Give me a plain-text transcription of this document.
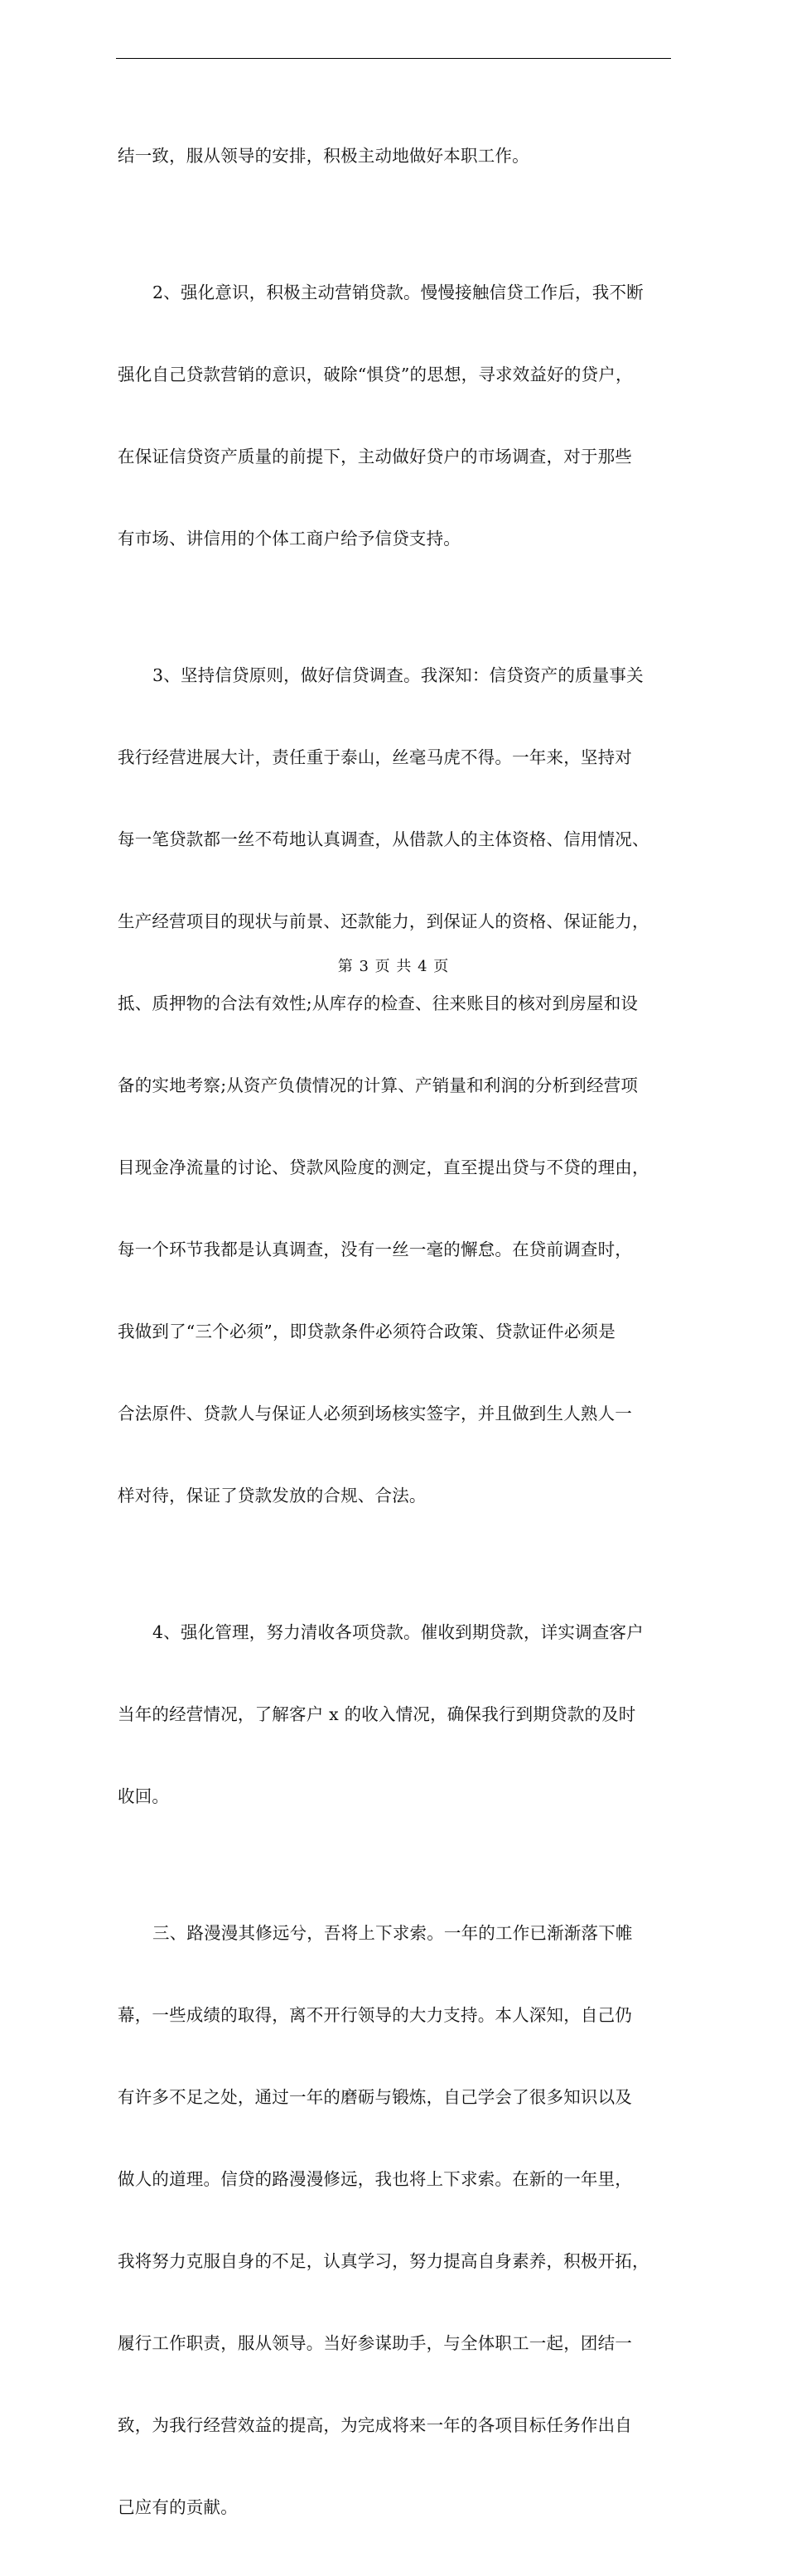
结一致，服从领导的安排，积极主动地做好本职工作。

2、强化意识，积极主动营销贷款。慢慢接触信贷工作后，我不断

强化自己贷款营销的意识，破除“惧贷”的思想，寻求效益好的贷户，

在保证信贷资产质量的前提下，主动做好贷户的市场调查，对于那些

有市场、讲信用的个体工商户给予信贷支持。

3、坚持信贷原则，做好信贷调查。我深知：信贷资产的质量事关

我行经营进展大计，责任重于泰山，丝毫马虎不得。一年来，坚持对

每一笔贷款都一丝不苟地认真调查，从借款人的主体资格、信用情况、

生产经营项目的现状与前景、还款能力，到保证人的资格、保证能力，

抵、质押物的合法有效性;从库存的检查、往来账目的核对到房屋和设

备的实地考察;从资产负债情况的计算、产销量和利润的分析到经营项

目现金净流量的讨论、贷款风险度的测定，直至提出贷与不贷的理由，

每一个环节我都是认真调查，没有一丝一毫的懈怠。在贷前调查时，

我做到了“三个必须”，即贷款条件必须符合政策、贷款证件必须是

合法原件、贷款人与保证人必须到场核实签字，并且做到生人熟人一

样对待，保证了贷款发放的合规、合法。

4、强化管理，努力清收各项贷款。催收到期贷款，详实调查客户

当年的经营情况，了解客户 x 的收入情况，确保我行到期贷款的及时

收回。

三、路漫漫其修远兮，吾将上下求索。一年的工作已渐渐落下帷

幕，一些成绩的取得，离不开行领导的大力支持。本人深知，自己仍

有许多不足之处，通过一年的磨砺与锻炼，自己学会了很多知识以及

做人的道理。信贷的路漫漫修远，我也将上下求索。在新的一年里，

我将努力克服自身的不足，认真学习，努力提高自身素养，积极开拓，

履行工作职责，服从领导。当好参谋助手，与全体职工一起，团结一

致，为我行经营效益的提高，为完成将来一年的各项目标任务作出自

己应有的贡献。

第 3 页 共 4 页
